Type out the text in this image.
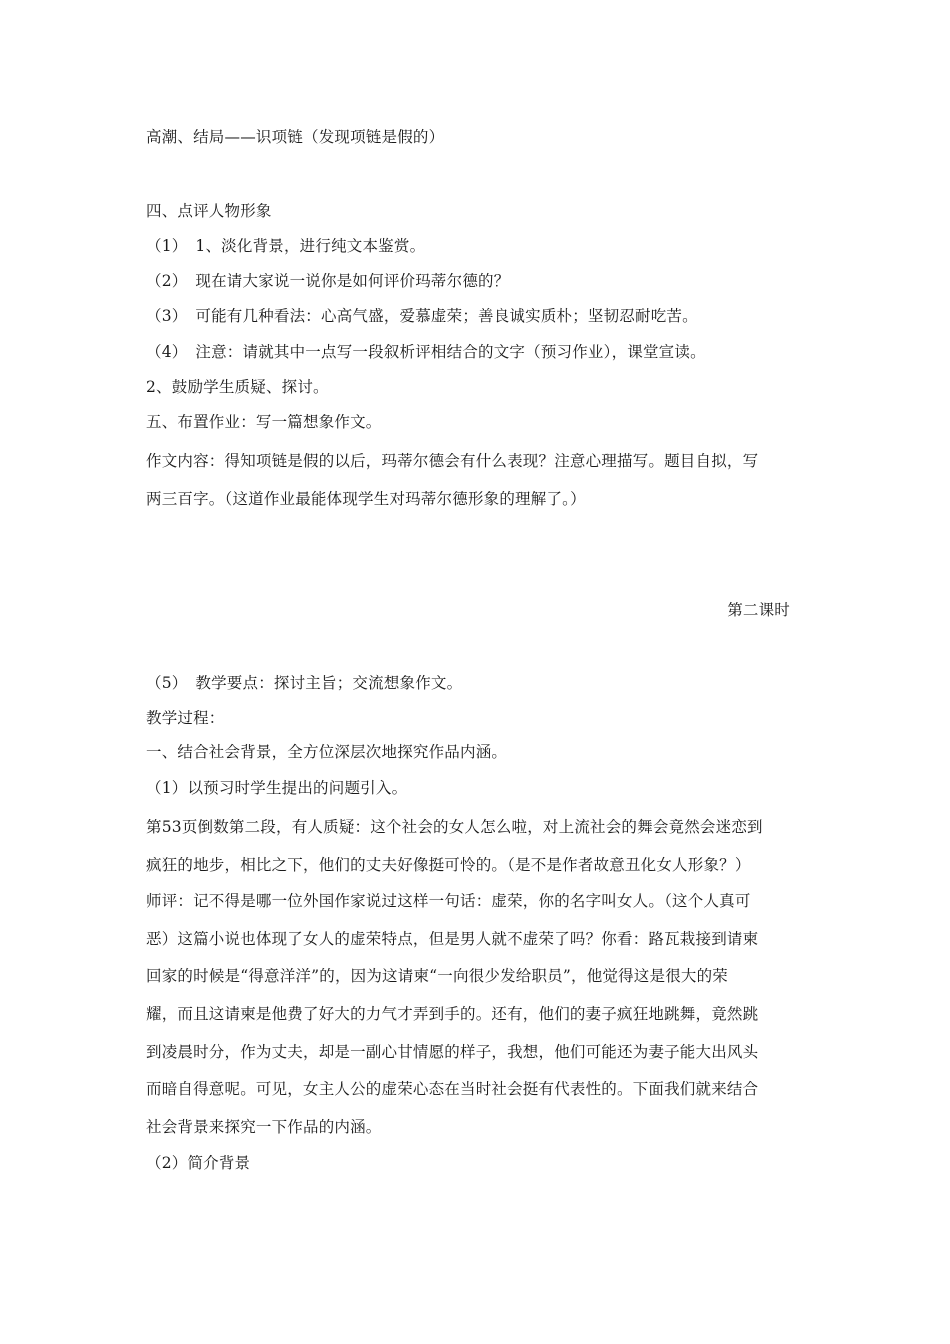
高潮、结局——识项链（发现项链是假的）
四、点评人物形象
（1）　1、淡化背景，进行纯文本鉴赏。
（2）　现在请大家说一说你是如何评价玛蒂尔德的？
（3）　可能有几种看法：心高气盛，爱慕虚荣；善良诚实质朴；坚韧忍耐吃苦。
（4）　注意：请就其中一点写一段叙析评相结合的文字（预习作业），课堂宣读。
2、鼓励学生质疑、探讨。
五、布置作业：写一篇想象作文。
作文内容：得知项链是假的以后，玛蒂尔德会有什么表现？注意心理描写。题目自拟，写
两三百字。（这道作业最能体现学生对玛蒂尔德形象的理解了。）
第二课时
（5）　教学要点：探讨主旨；交流想象作文。
教学过程：
一、结合社会背景，全方位深层次地探究作品内涵。
（1）以预习时学生提出的问题引入。
第53页倒数第二段，有人质疑：这个社会的女人怎么啦，对上流社会的舞会竟然会迷恋到
疯狂的地步，相比之下，他们的丈夫好像挺可怜的。（是不是作者故意丑化女人形象？）
师评：记不得是哪一位外国作家说过这样一句话：虚荣，你的名字叫女人。（这个人真可
恶）这篇小说也体现了女人的虚荣特点，但是男人就不虚荣了吗？你看：路瓦栽接到请柬
回家的时候是“得意洋洋”的，因为这请柬“一向很少发给职员”，他觉得这是很大的荣
耀，而且这请柬是他费了好大的力气才弄到手的。还有，他们的妻子疯狂地跳舞，竟然跳
到凌晨时分，作为丈夫，却是一副心甘情愿的样子，我想，他们可能还为妻子能大出风头
而暗自得意呢。可见，女主人公的虚荣心态在当时社会挺有代表性的。下面我们就来结合
社会背景来探究一下作品的内涵。
（2）简介背景
